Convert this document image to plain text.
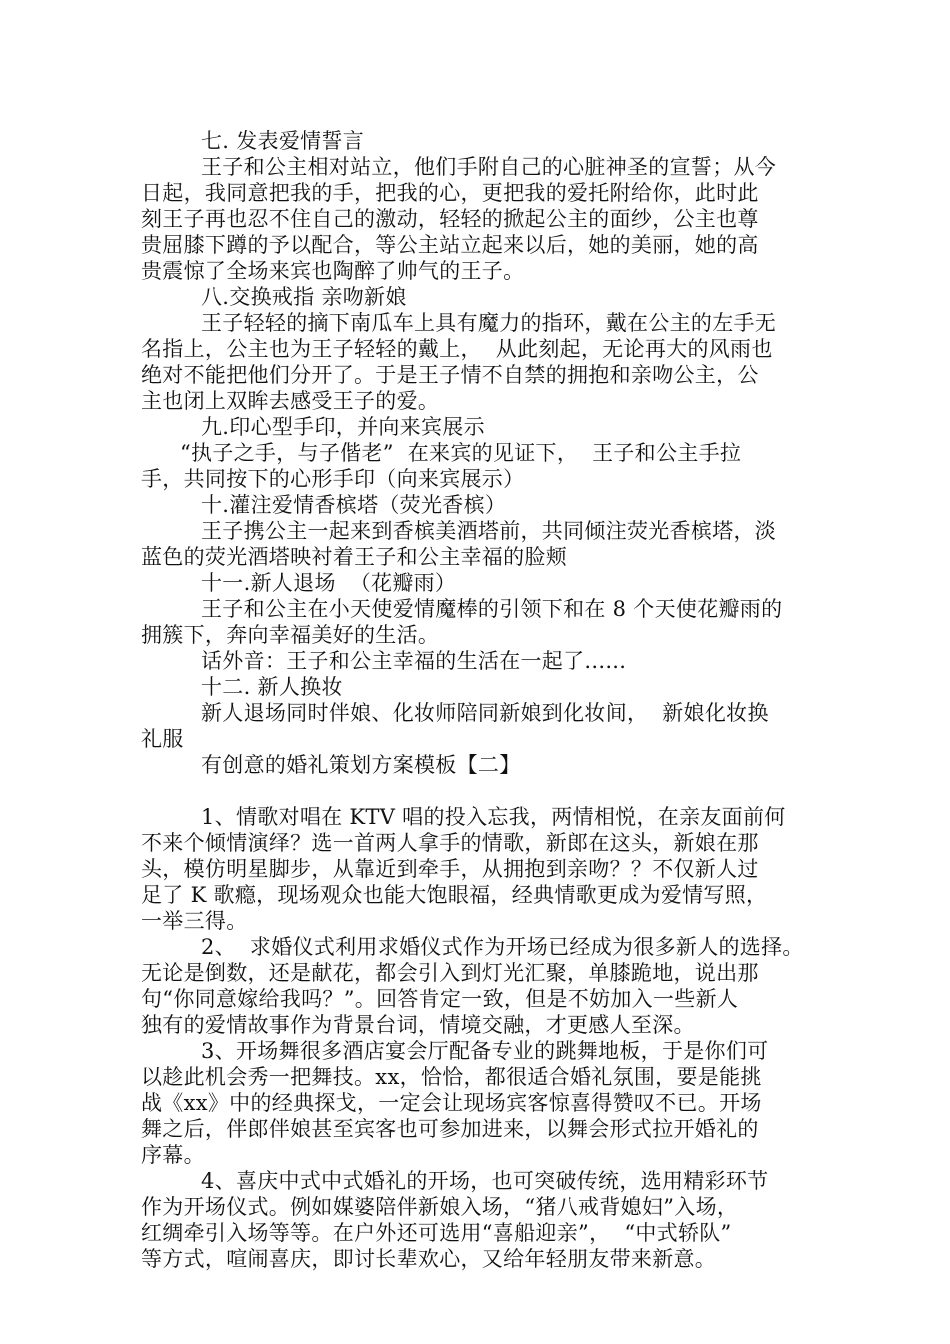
七. 发表爱情誓言
王子和公主相对站立，他们手附自己的心脏神圣的宣誓；从今
日起，我同意把我的手，把我的心，更把我的爱托附给你，此时此
刻王子再也忍不住自己的激动，轻轻的掀起公主的面纱，公主也尊
贵屈膝下蹲的予以配合，等公主站立起来以后，她的美丽，她的高
贵震惊了全场来宾也陶醉了帅气的王子。
八.交换戒指 亲吻新娘
王子轻轻的摘下南瓜车上具有魔力的指环，戴在公主的左手无
名指上，公主也为王子轻轻的戴上，  从此刻起，无论再大的风雨也
绝对不能把他们分开了。于是王子情不自禁的拥抱和亲吻公主，公
主也闭上双眸去感受王子的爱。
九.印心型手印，并向来宾展示
“执子之手，与子偕老”  在来宾的见证下，  王子和公主手拉
手，共同按下的心形手印（向来宾展示）
十.灌注爱情香槟塔（荧光香槟）
王子携公主一起来到香槟美酒塔前，共同倾注荧光香槟塔，淡
蓝色的荧光酒塔映衬着王子和公主幸福的脸颊
十一.新人退场  （花瓣雨）
王子和公主在小天使爱情魔棒的引领下和在 8 个天使花瓣雨的
拥簇下，奔向幸福美好的生活。
话外音：王子和公主幸福的生活在一起了......
十二. 新人换妆
新人退场同时伴娘、化妆师陪同新娘到化妆间，  新娘化妆换
礼服
有创意的婚礼策划方案模板【二】
1、情歌对唱在 KTV 唱的投入忘我，两情相悦，在亲友面前何
不来个倾情演绎？选一首两人拿手的情歌，新郎在这头，新娘在那
头，模仿明星脚步，从靠近到牵手，从拥抱到亲吻？？不仅新人过
足了 K 歌瘾，现场观众也能大饱眼福，经典情歌更成为爱情写照，
一举三得。
2、  求婚仪式利用求婚仪式作为开场已经成为很多新人的选择。
无论是倒数，还是献花，都会引入到灯光汇聚，单膝跪地，说出那
句“你同意嫁给我吗？”。回答肯定一致，但是不妨加入一些新人
独有的爱情故事作为背景台词，情境交融，才更感人至深。
3、开场舞很多酒店宴会厅配备专业的跳舞地板，于是你们可
以趁此机会秀一把舞技。xx，恰恰，都很适合婚礼氛围，要是能挑
战《xx》中的经典探戈，一定会让现场宾客惊喜得赞叹不已。开场
舞之后，伴郎伴娘甚至宾客也可参加进来，以舞会形式拉开婚礼的
序幕。
4、喜庆中式中式婚礼的开场，也可突破传统，选用精彩环节
作为开场仪式。例如媒婆陪伴新娘入场，“猪八戒背媳妇”入场，
红绸牵引入场等等。在户外还可选用“喜船迎亲”，  “中式轿队”
等方式，喧闹喜庆，即讨长辈欢心，又给年轻朋友带来新意。
